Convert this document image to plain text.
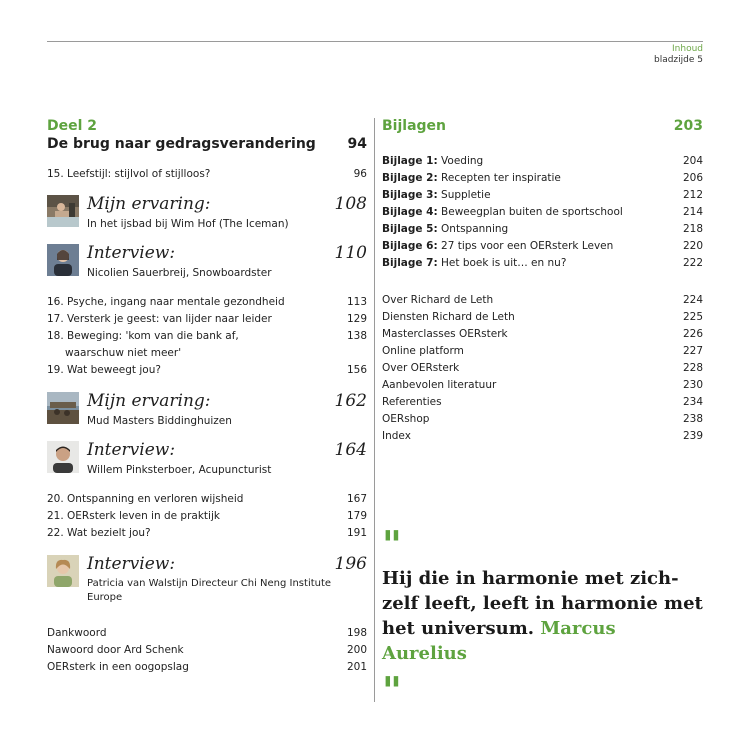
Inhoud
bladzijde 5
Deel 2
De brug naar gedragsverandering 94
15. Leefstijl: stijlvol of stijlloos?	96
Mijn ervaring:	108
In het ijsbad bij Wim Hof (The Iceman)
Interview:	110
Nicolien Sauerbreij, Snowboardster
16. Psyche, ingang naar mentale gezondheid	113
17. Versterk je geest: van lijder naar leider	129
18. Beweging: 'kom van die bank af,
waarschuw niet meer'
138
19. Wat beweegt jou?	156
Mijn ervaring:	162
Mud Masters Biddinghuizen
Interview:	164
Willem Pinksterboer, Acupuncturist
20. Ontspanning en verloren wijsheid	167
21. OERsterk leven in de praktijk	179
22. Wat bezielt jou?	191
Interview:	196
Patricia van Walstijn Directeur Chi Neng Institute Europe
Dankwoord	198
Nawoord door Ard Schenk	200
OERsterk in een oogopslag	201
Bijlagen	203
Bijlage 1: Voeding	204
Bijlage 2: Recepten ter inspiratie	206
Bijlage 3: Suppletie	212
Bijlage 4: Beweegplan buiten de sportschool	214
Bijlage 5: Ontspanning	218
Bijlage 6: 27 tips voor een OERsterk Leven	220
Bijlage 7: Het boek is uit… en nu?	222
Over Richard de Leth	224
Diensten Richard de Leth	225
Masterclasses OERsterk	226
Online platform	227
Over OERsterk	228
Aanbevolen literatuur	230
Referenties	234
OERshop	238
Index	239
"
Hij die in harmonie met zich-zelf leeft, leeft in harmonie met het universum. Marcus Aurelius
"
